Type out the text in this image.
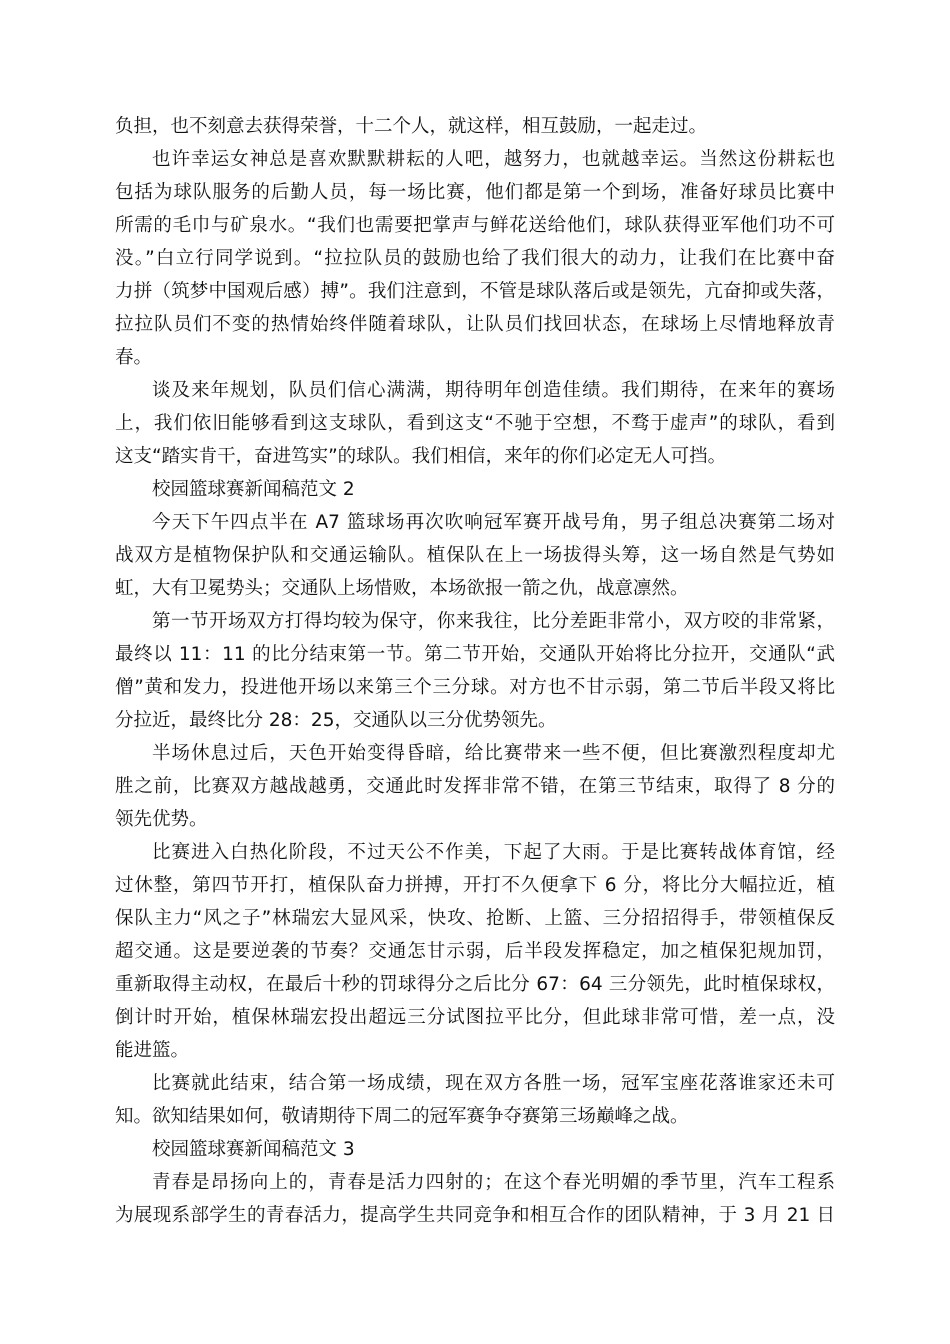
负担，也不刻意去获得荣誉，十二个人，就这样，相互鼓励，一起走过。
也许幸运女神总是喜欢默默耕耘的人吧，越努力，也就越幸运。当然这份耕耘也
包括为球队服务的后勤人员，每一场比赛，他们都是第一个到场，准备好球员比赛中
所需的毛巾与矿泉水。“我们也需要把掌声与鲜花送给他们，球队获得亚军他们功不可
没。”白立行同学说到。“拉拉队员的鼓励也给了我们很大的动力，让我们在比赛中奋
力拼（筑梦中国观后感）搏”。我们注意到，不管是球队落后或是领先，亢奋抑或失落，
拉拉队员们不变的热情始终伴随着球队，让队员们找回状态，在球场上尽情地释放青
春。
谈及来年规划，队员们信心满满，期待明年创造佳绩。我们期待，在来年的赛场
上，我们依旧能够看到这支球队，看到这支“不驰于空想，不骛于虚声”的球队，看到
这支“踏实肯干，奋进笃实”的球队。我们相信，来年的你们必定无人可挡。
校园篮球赛新闻稿范文 2
今天下午四点半在 A7 篮球场再次吹响冠军赛开战号角，男子组总决赛第二场对
战双方是植物保护队和交通运输队。植保队在上一场拔得头筹，这一场自然是气势如
虹，大有卫冕势头；交通队上场惜败，本场欲报一箭之仇，战意凛然。
第一节开场双方打得均较为保守，你来我往，比分差距非常小，双方咬的非常紧，
最终以 11：11 的比分结束第一节。第二节开始，交通队开始将比分拉开，交通队“武
僧”黄和发力，投进他开场以来第三个三分球。对方也不甘示弱，第二节后半段又将比
分拉近，最终比分 28：25，交通队以三分优势领先。
半场休息过后，天色开始变得昏暗，给比赛带来一些不便，但比赛激烈程度却尤
胜之前，比赛双方越战越勇，交通此时发挥非常不错，在第三节结束，取得了 8 分的
领先优势。
比赛进入白热化阶段，不过天公不作美，下起了大雨。于是比赛转战体育馆，经
过休整，第四节开打，植保队奋力拼搏，开打不久便拿下 6 分，将比分大幅拉近，植
保队主力“风之子”林瑞宏大显风采，快攻、抢断、上篮、三分招招得手，带领植保反
超交通。这是要逆袭的节奏？交通怎甘示弱，后半段发挥稳定，加之植保犯规加罚，
重新取得主动权，在最后十秒的罚球得分之后比分 67：64 三分领先，此时植保球权，
倒计时开始，植保林瑞宏投出超远三分试图拉平比分，但此球非常可惜，差一点，没
能进篮。
比赛就此结束，结合第一场成绩，现在双方各胜一场，冠军宝座花落谁家还未可
知。欲知结果如何，敬请期待下周二的冠军赛争夺赛第三场巅峰之战。
校园篮球赛新闻稿范文 3
青春是昂扬向上的，青春是活力四射的；在这个春光明媚的季节里，汽车工程系
为展现系部学生的青春活力，提高学生共同竞争和相互合作的团队精神，于 3 月 21 日
